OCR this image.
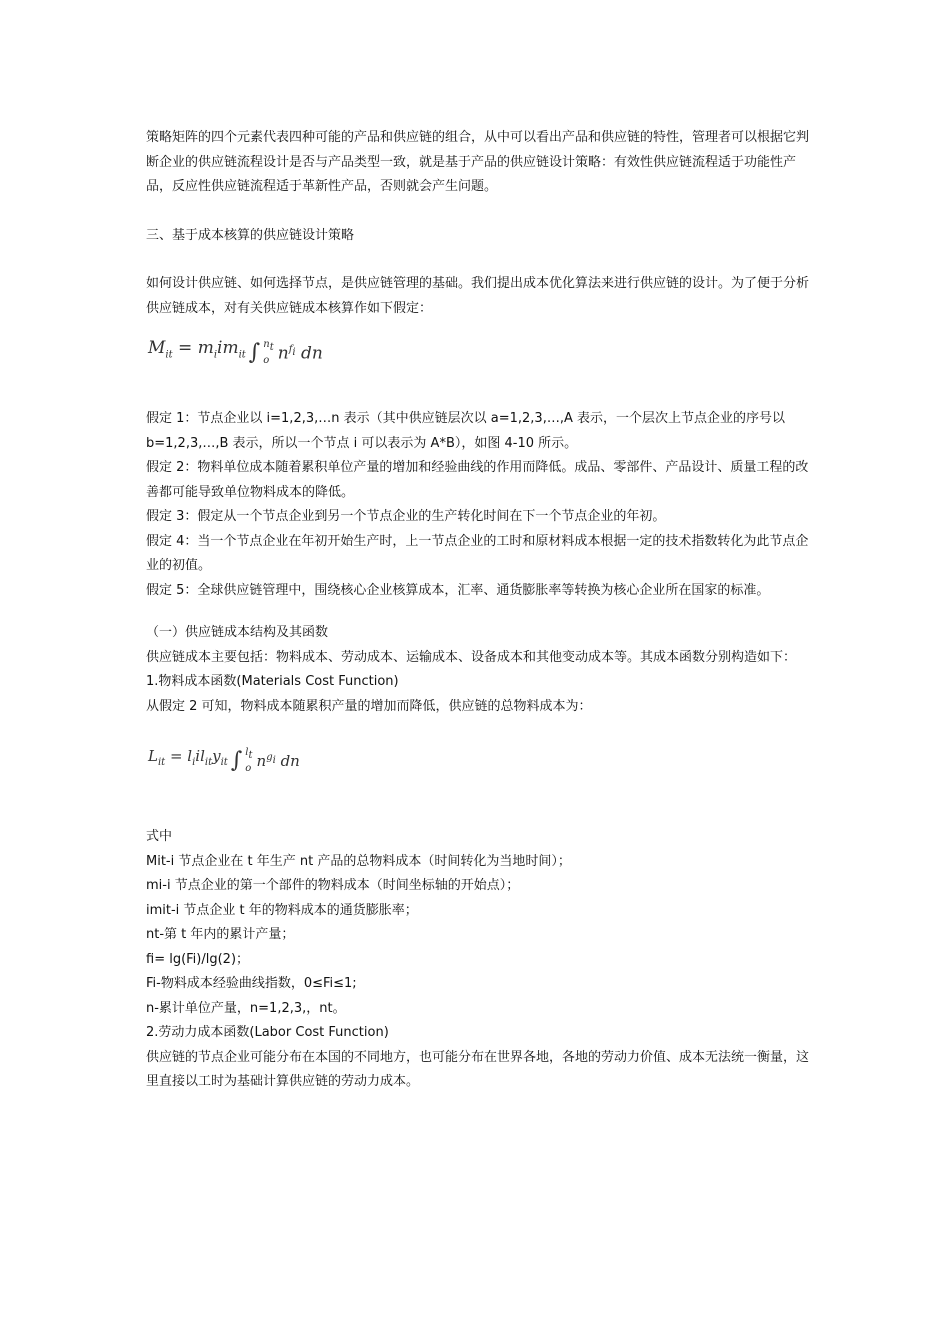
策略矩阵的四个元素代表四种可能的产品和供应链的组合，从中可以看出产品和供应链的特性，管理者可以根据它判断企业的供应链流程设计是否与产品类型一致，就是基于产品的供应链设计策略：有效性供应链流程适于功能性产品，反应性供应链流程适于革新性产品，否则就会产生问题。

三、基于成本核算的供应链设计策略

如何设计供应链、如何选择节点，是供应链管理的基础。我们提出成本优化算法来进行供应链的设计。为了便于分析供应链成本，对有关供应链成本核算作如下假定：

$M_{it} = m_iim_{it}$ ∫ $n_t$
o $n^{f_i}$ dn

假定 1：节点企业以 i=1,2,3,…n 表示（其中供应链层次以 a=1,2,3,…,A 表示，一个层次上节点企业的序号以 b=1,2,3,…,B 表示，所以一个节点 i 可以表示为 A*B），如图 4-10 所示。

假定 2：物料单位成本随着累积单位产量的增加和经验曲线的作用而降低。成品、零部件、产品设计、质量工程的改善都可能导致单位物料成本的降低。

假定 3：假定从一个节点企业到另一个节点企业的生产转化时间在下一个节点企业的年初。

假定 4：当一个节点企业在年初开始生产时，上一节点企业的工时和原材料成本根据一定的技术指数转化为此节点企业的初值。

假定 5：全球供应链管理中，围绕核心企业核算成本，汇率、通货膨胀率等转换为核心企业所在国家的标准。

（一）供应链成本结构及其函数

供应链成本主要包括：物料成本、劳动成本、运输成本、设备成本和其他变动成本等。其成本函数分别构造如下：

1.物料成本函数(Materials Cost Function)

从假定 2 可知，物料成本随累积产量的增加而降低，供应链的总物料成本为：

$L_{it} = l_iil_{it}y_{it}$ ∫ $l_t$
o $n^{g_i}$ dn

式中

Mit-i 节点企业在 t 年生产 nt 产品的总物料成本（时间转化为当地时间）；

mi-i 节点企业的第一个部件的物料成本（时间坐标轴的开始点）；

imit-i 节点企业 t 年的物料成本的通货膨胀率；

nt-第 t 年内的累计产量；

fi= lg(Fi)/lg(2)；

Fi-物料成本经验曲线指数，0≤Fi≤1;

n-累计单位产量，n=1,2,3,，nt。

2.劳动力成本函数(Labor Cost Function)

供应链的节点企业可能分布在本国的不同地方，也可能分布在世界各地，各地的劳动力价值、成本无法统一衡量，这里直接以工时为基础计算供应链的劳动力成本。
